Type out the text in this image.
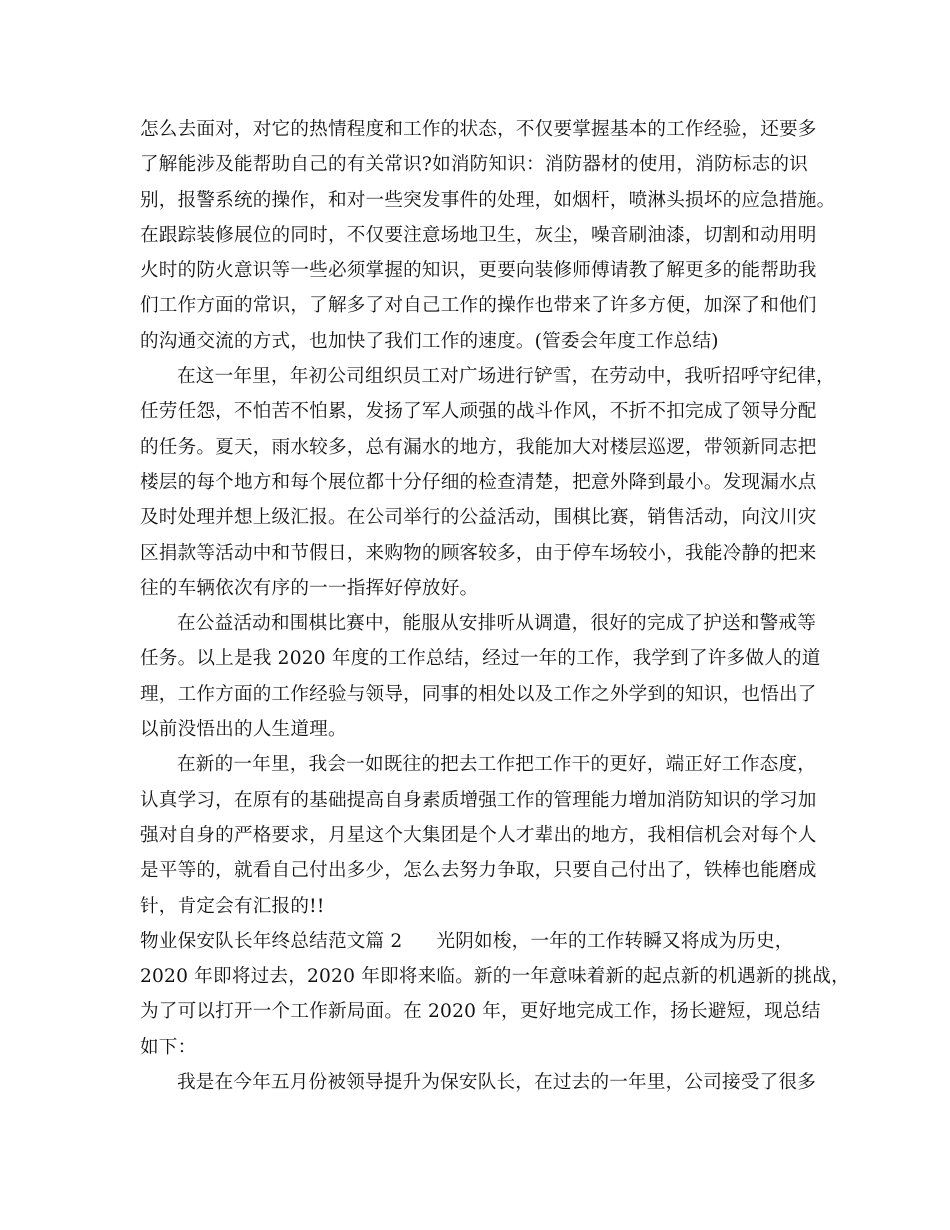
怎么去面对，对它的热情程度和工作的状态，不仅要掌握基本的工作经验，还要多
了解能涉及能帮助自己的有关常识?如消防知识：消防器材的使用，消防标志的识
别，报警系统的操作，和对一些突发事件的处理，如烟杆，喷淋头损坏的应急措施。
在跟踪装修展位的同时，不仅要注意场地卫生，灰尘，噪音刷油漆，切割和动用明
火时的防火意识等一些必须掌握的知识，更要向装修师傅请教了解更多的能帮助我
们工作方面的常识，了解多了对自己工作的操作也带来了许多方便，加深了和他们
的沟通交流的方式，也加快了我们工作的速度。(管委会年度工作总结)
在这一年里，年初公司组织员工对广场进行铲雪，在劳动中，我听招呼守纪律，
任劳任怨，不怕苦不怕累，发扬了军人顽强的战斗作风，不折不扣完成了领导分配
的任务。夏天，雨水较多，总有漏水的地方，我能加大对楼层巡逻，带领新同志把
楼层的每个地方和每个展位都十分仔细的检查清楚，把意外降到最小。发现漏水点
及时处理并想上级汇报。在公司举行的公益活动，围棋比赛，销售活动，向汶川灾
区捐款等活动中和节假日，来购物的顾客较多，由于停车场较小，我能冷静的把来
往的车辆依次有序的一一指挥好停放好。
在公益活动和围棋比赛中，能服从安排听从调遣，很好的完成了护送和警戒等
任务。以上是我 2020 年度的工作总结，经过一年的工作，我学到了许多做人的道
理，工作方面的工作经验与领导，同事的相处以及工作之外学到的知识，也悟出了
以前没悟出的人生道理。
在新的一年里，我会一如既往的把去工作把工作干的更好，端正好工作态度，
认真学习，在原有的基础提高自身素质增强工作的管理能力增加消防知识的学习加
强对自身的严格要求，月星这个大集团是个人才辈出的地方，我相信机会对每个人
是平等的，就看自己付出多少，怎么去努力争取，只要自己付出了，铁棒也能磨成
针，肯定会有汇报的!!
物业保安队长年终总结范文篇 2 光阴如梭，一年的工作转瞬又将成为历史，
2020 年即将过去，2020 年即将来临。新的一年意味着新的起点新的机遇新的挑战，
为了可以打开一个工作新局面。在 2020 年，更好地完成工作，扬长避短，现总结
如下：
我是在今年五月份被领导提升为保安队长，在过去的一年里，公司接受了很多
